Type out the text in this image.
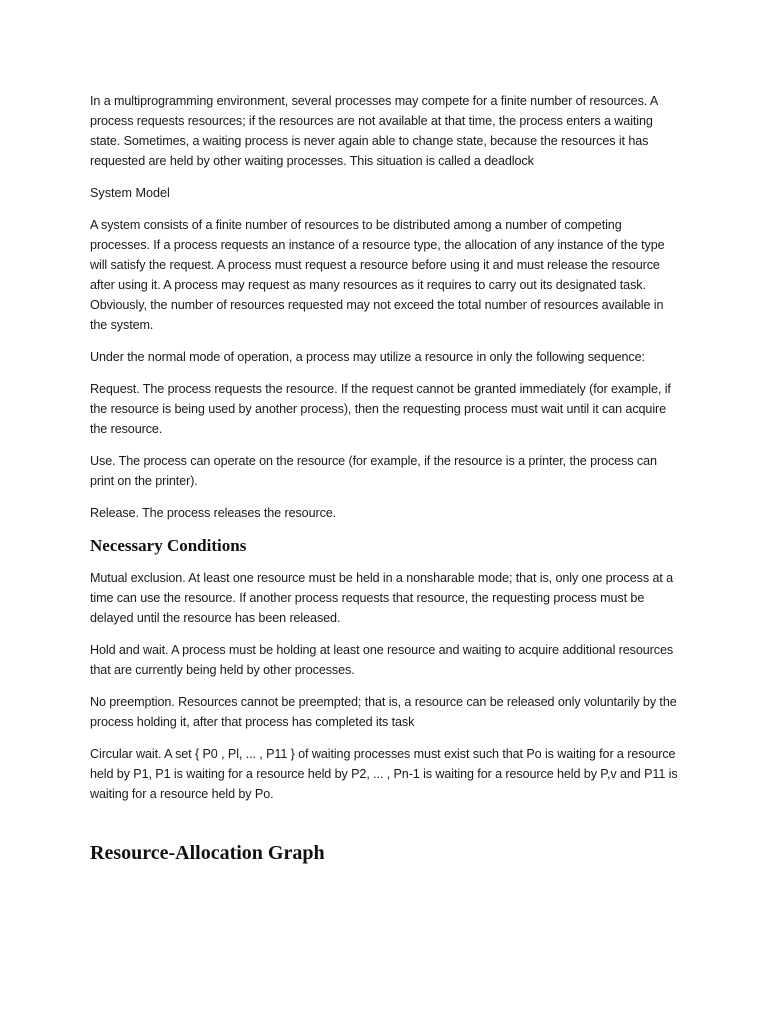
In a multiprogramming environment, several processes may compete for a finite number of resources. A process requests resources; if the resources are not available at that time, the process enters a waiting state. Sometimes, a waiting process is never again able to change state, because the resources it has requested are held by other waiting processes. This situation is called a deadlock

System Model

A system consists of a finite number of resources to be distributed among a number of competing processes. If a process requests an instance of a resource type, the allocation of any instance of the type will satisfy the request. A process must request a resource before using it and must release the resource after using it. A process may request as many resources as it requires to carry out its designated task. Obviously, the number of resources requested may not exceed the total number of resources available in the system.

Under the normal mode of operation, a process may utilize a resource in only the following sequence:

Request. The process requests the resource. If the request cannot be granted immediately (for example, if the resource is being used by another process), then the requesting process must wait until it can acquire the resource.

Use. The process can operate on the resource (for example, if the resource is a printer, the process can print on the printer).

Release. The process releases the resource.

Necessary Conditions

Mutual exclusion. At least one resource must be held in a nonsharable mode; that is, only one process at a time can use the resource. If another process requests that resource, the requesting process must be delayed until the resource has been released.

Hold and wait. A process must be holding at least one resource and waiting to acquire additional resources that are currently being held by other processes.

No preemption. Resources cannot be preempted; that is, a resource can be released only voluntarily by the process holding it, after that process has completed its task

Circular wait. A set { P0 , Pl, ... , P11 } of waiting processes must exist such that Po is waiting for a resource held by P1, P1 is waiting for a resource held by P2, ... , Pn-1 is waiting for a resource held by P,v and P11 is waiting for a resource held by Po.

Resource-Allocation Graph
